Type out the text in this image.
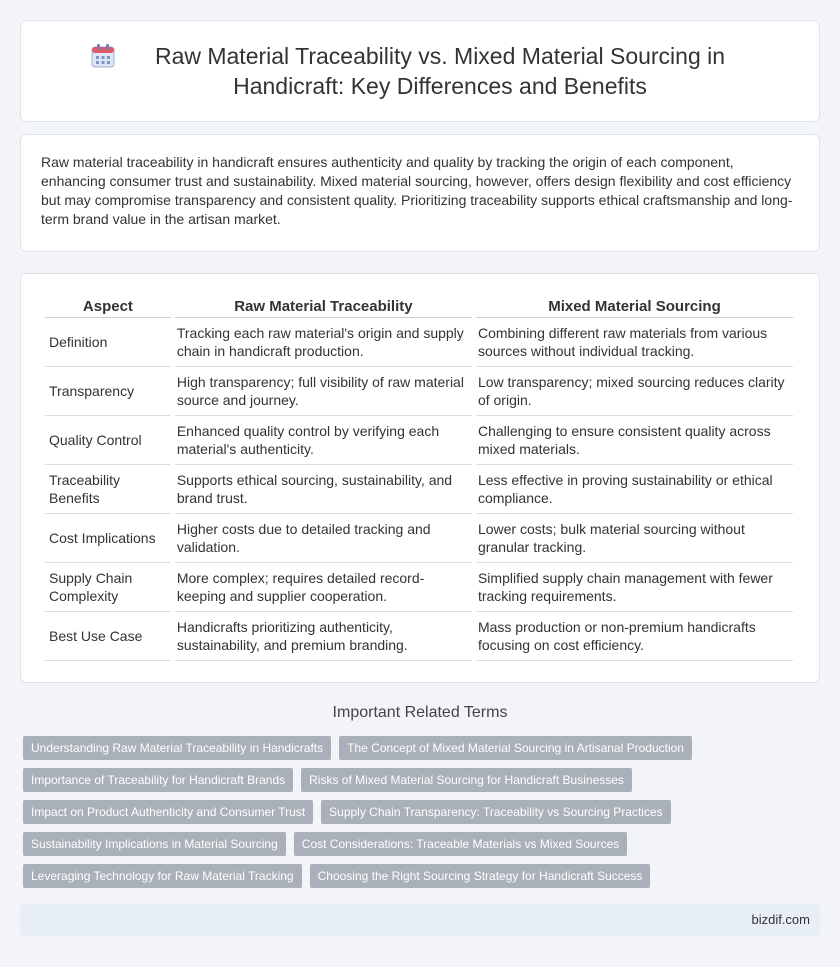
Raw Material Traceability vs. Mixed Material Sourcing in Handicraft: Key Differences and Benefits

Raw material traceability in handicraft ensures authenticity and quality by tracking the origin of each component, enhancing consumer trust and sustainability. Mixed material sourcing, however, offers design flexibility and cost efficiency but may compromise transparency and consistent quality. Prioritizing traceability supports ethical craftsmanship and long-term brand value in the artisan market.

Aspect	Raw Material Traceability	Mixed Material Sourcing
Definition	Tracking each raw material's origin and supply chain in handicraft production.	Combining different raw materials from various sources without individual tracking.
Transparency	High transparency; full visibility of raw material source and journey.	Low transparency; mixed sourcing reduces clarity of origin.
Quality Control	Enhanced quality control by verifying each material's authenticity.	Challenging to ensure consistent quality across mixed materials.
Traceability Benefits	Supports ethical sourcing, sustainability, and brand trust.	Less effective in proving sustainability or ethical compliance.
Cost Implications	Higher costs due to detailed tracking and validation.	Lower costs; bulk material sourcing without granular tracking.
Supply Chain Complexity	More complex; requires detailed record-keeping and supplier cooperation.	Simplified supply chain management with fewer tracking requirements.
Best Use Case	Handicrafts prioritizing authenticity, sustainability, and premium branding.	Mass production or non-premium handicrafts focusing on cost efficiency.
Important Related Terms
Understanding Raw Material Traceability in Handicrafts	The Concept of Mixed Material Sourcing in Artisanal Production
Importance of Traceability for Handicraft Brands	Risks of Mixed Material Sourcing for Handicraft Businesses
Impact on Product Authenticity and Consumer Trust	Supply Chain Transparency: Traceability vs Sourcing Practices
Sustainability Implications in Material Sourcing	Cost Considerations: Traceable Materials vs Mixed Sources
Leveraging Technology for Raw Material Tracking	Choosing the Right Sourcing Strategy for Handicraft Success
bizdif.com
